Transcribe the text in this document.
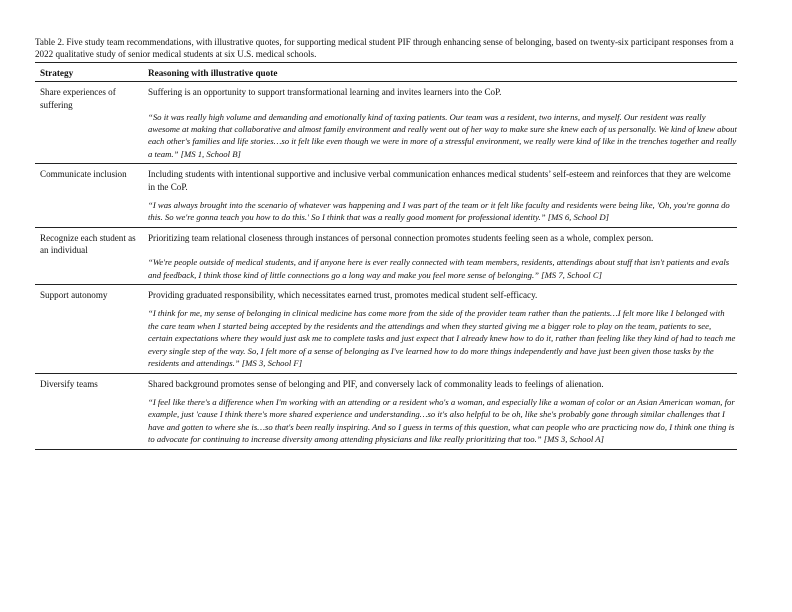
Table 2. Five study team recommendations, with illustrative quotes, for supporting medical student PIF through enhancing sense of belonging, based on twenty-six participant responses from a 2022 qualitative study of senior medical students at six U.S. medical schools.

Strategy	Reasoning with illustrative quote
Share experiences of suffering	Suffering is an opportunity to support transformational learning and invites learners into the CoP.

“So it was really high volume and demanding and emotionally kind of taxing patients. Our team was a resident, two interns, and myself. Our resident was really awesome at making that collaborative and almost family environment and really went out of her way to make sure she knew each of us personally. We kind of knew about each other's families and life stories…so it felt like even though we were in more of a stressful environment, we really were kind of like in the trenches together and really a team.” [MS 1, School B]

Communicate inclusion	Including students with intentional supportive and inclusive verbal communication enhances medical students’ self-esteem and reinforces that they are welcome in the CoP.

“I was always brought into the scenario of whatever was happening and I was part of the team or it felt like faculty and residents were being like, 'Oh, you're gonna do this. So we're gonna teach you how to do this.' So I think that was a really good moment for professional identity.” [MS 6, School D]

Recognize each student as an individual	Prioritizing team relational closeness through instances of personal connection promotes students feeling seen as a whole, complex person.

“We're people outside of medical students, and if anyone here is ever really connected with team members, residents, attendings about stuff that isn't patients and evals and feedback, I think those kind of little connections go a long way and make you feel more sense of belonging.” [MS 7, School C]

Support autonomy	Providing graduated responsibility, which necessitates earned trust, promotes medical student self-efficacy.

“I think for me, my sense of belonging in clinical medicine has come more from the side of the provider team rather than the patients…I felt more like I belonged with the care team when I started being accepted by the residents and the attendings and when they started giving me a bigger role to play on the team, patients to see, certain expectations where they would just ask me to complete tasks and just expect that I already knew how to do it, rather than feeling like they kind of had to teach me every single step of the way. So, I felt more of a sense of belonging as I've learned how to do more things independently and have just been given those tasks by the residents and attendings.” [MS 3, School F]

Diversify teams	Shared background promotes sense of belonging and PIF, and conversely lack of commonality leads to feelings of alienation.

“I feel like there's a difference when I'm working with an attending or a resident who's a woman, and especially like a woman of color or an Asian American woman, for example, just 'cause I think there's more shared experience and understanding…so it's also helpful to be oh, like she's probably gone through similar challenges that I have and gotten to where she is…so that's been really inspiring. And so I guess in terms of this question, what can people who are practicing now do, I think one thing is to advocate for continuing to increase diversity among attending physicians and like really prioritizing that too.” [MS 3, School A]
